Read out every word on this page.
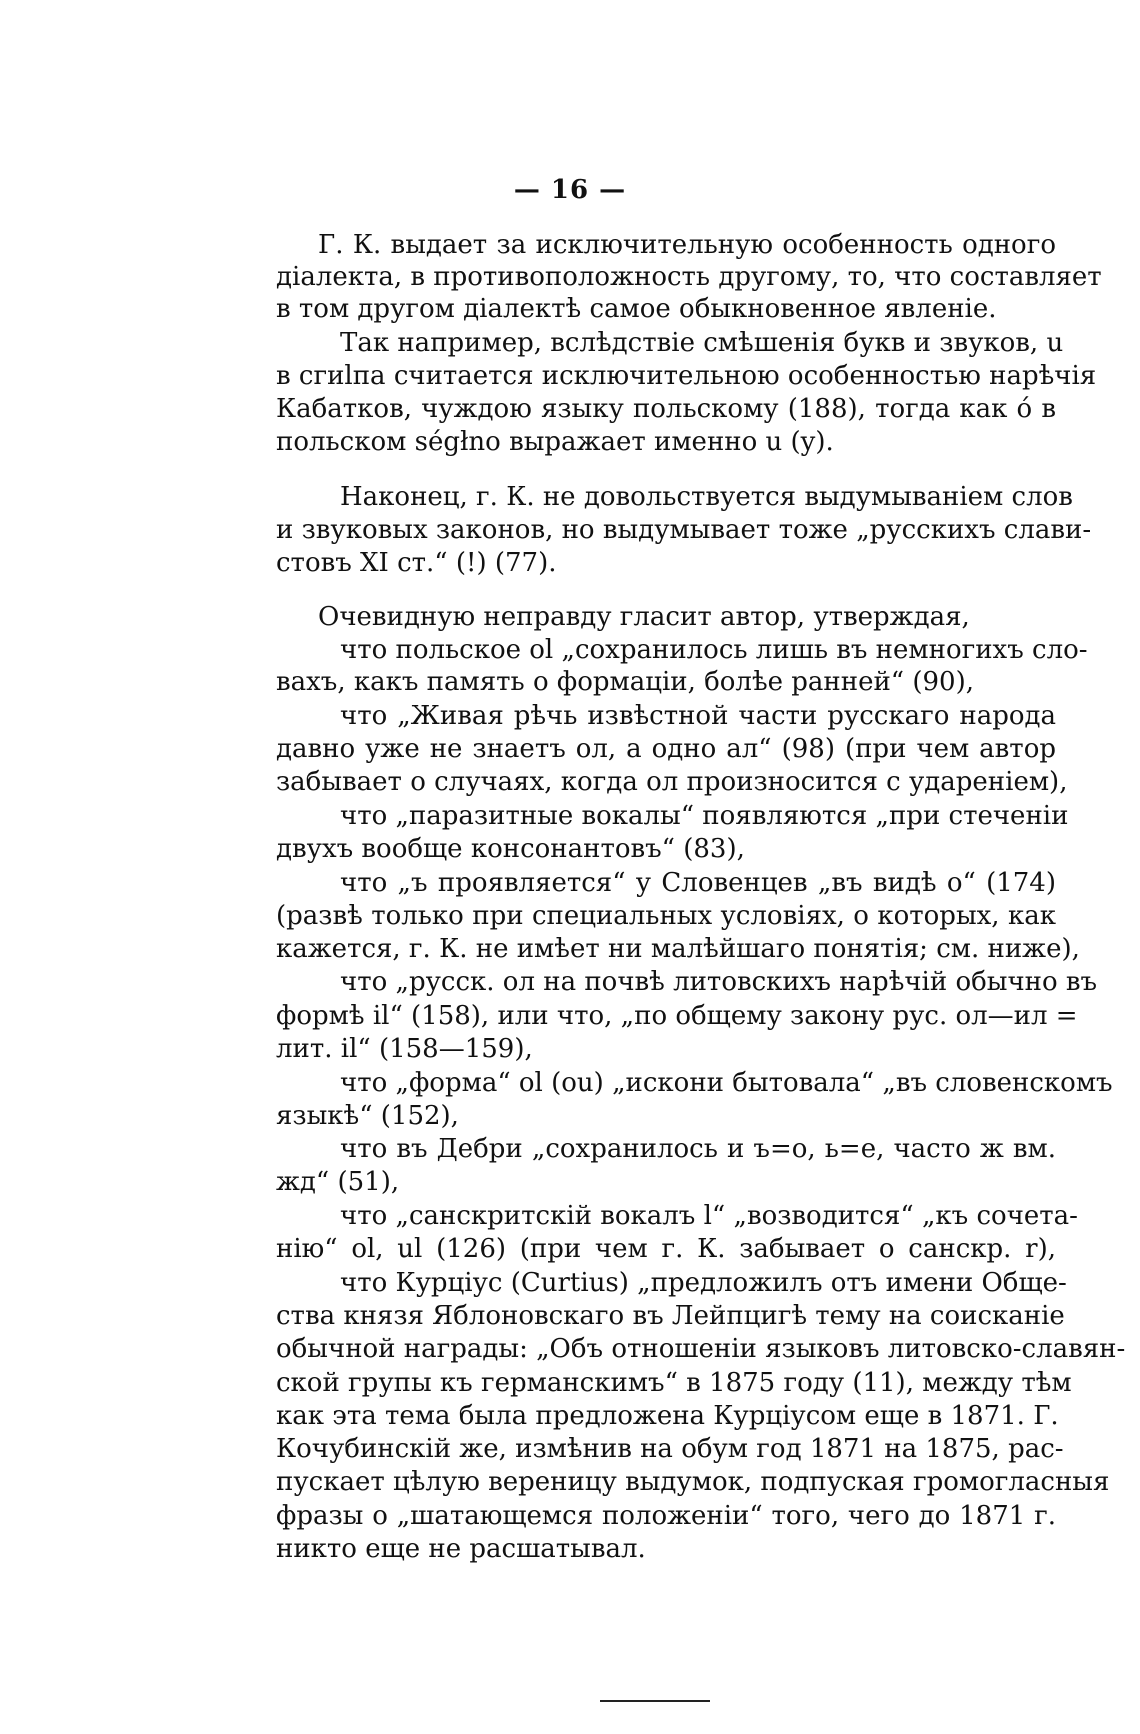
— 16 —
Г. К. выдает за исключительную особенность одного
діалекта, в противоположность другому, то, что составляет
в том другом діалектѣ самое обыкновенное явленіе.
Так например, вслѣдствіе смѣшенія букв и звуков, u
в сгиlпа считается исключительною особенностью нарѣчія
Кабатков, чуждою языку польскому (188), тогда как ó в
польском ségłno выражает именно u (y).
Наконец, г. К. не довольствуется выдумыванiем слов
и звуковых законов, но выдумывает тоже „русскихъ слави-
стовъ XI ст.“ (!) (77).
Очевидную неправду гласит автор, утверждая,
что польское ol „сохранилось лишь въ немногихъ сло-
вахъ, какъ память о формацiи, болѣе ранней“ (90),
что „Живая рѣчь извѣстной части русскаго народа
давно уже не знаетъ ол, а одно ал“ (98) (при чем автор
забывает о случаях, когда ол произносится с ударенiем),
что „паразитные вокалы“ появляются „при стеченiи
двухъ вообще консонантовъ“ (83),
что „ъ проявляется“ у Словенцев „въ видѣ о“ (174)
(развѣ только при специальных условiях, о которых, как
кажется, г. К. не имѣет ни малѣйшаго понятiя; см. ниже),
что „русск. ол на почвѣ литовскихъ нарѣчiй обычно въ
формѣ il“ (158), или что, „по общему закону рус. ол—ил =
лит. il“ (158—159),
что „форма“ ol (ou) „искони бытовала“ „въ словенскомъ
языкѣ“ (152),
что въ Дебри „сохранилось и ъ=о, ь=е, часто ж вм.
жд“ (51),
что „санскритскiй вокалъ l“ „возводится“ „къ сочета-
нiю“ ol, ul (126) (при чем г. К. забывает о санскр. r),
что Курцiус (Curtius) „предложилъ отъ имени Обще-
ства князя Яблоновскаго въ Лейпцигѣ тему на соисканiе
обычной награды: „Объ отношенiи языковъ литовско-славян-
ской групы къ германскимъ“ в 1875 году (11), между тѣм
как эта тема была предложена Курцiусом еще в 1871. Г.
Кочубинскiй же, измѣнив на обум год 1871 на 1875, рас-
пускает цѣлую вереницу выдумок, подпуская громогласныя
фразы о „шатающемся положенiи“ того, чего до 1871 г.
никто еще не расшатывал.
